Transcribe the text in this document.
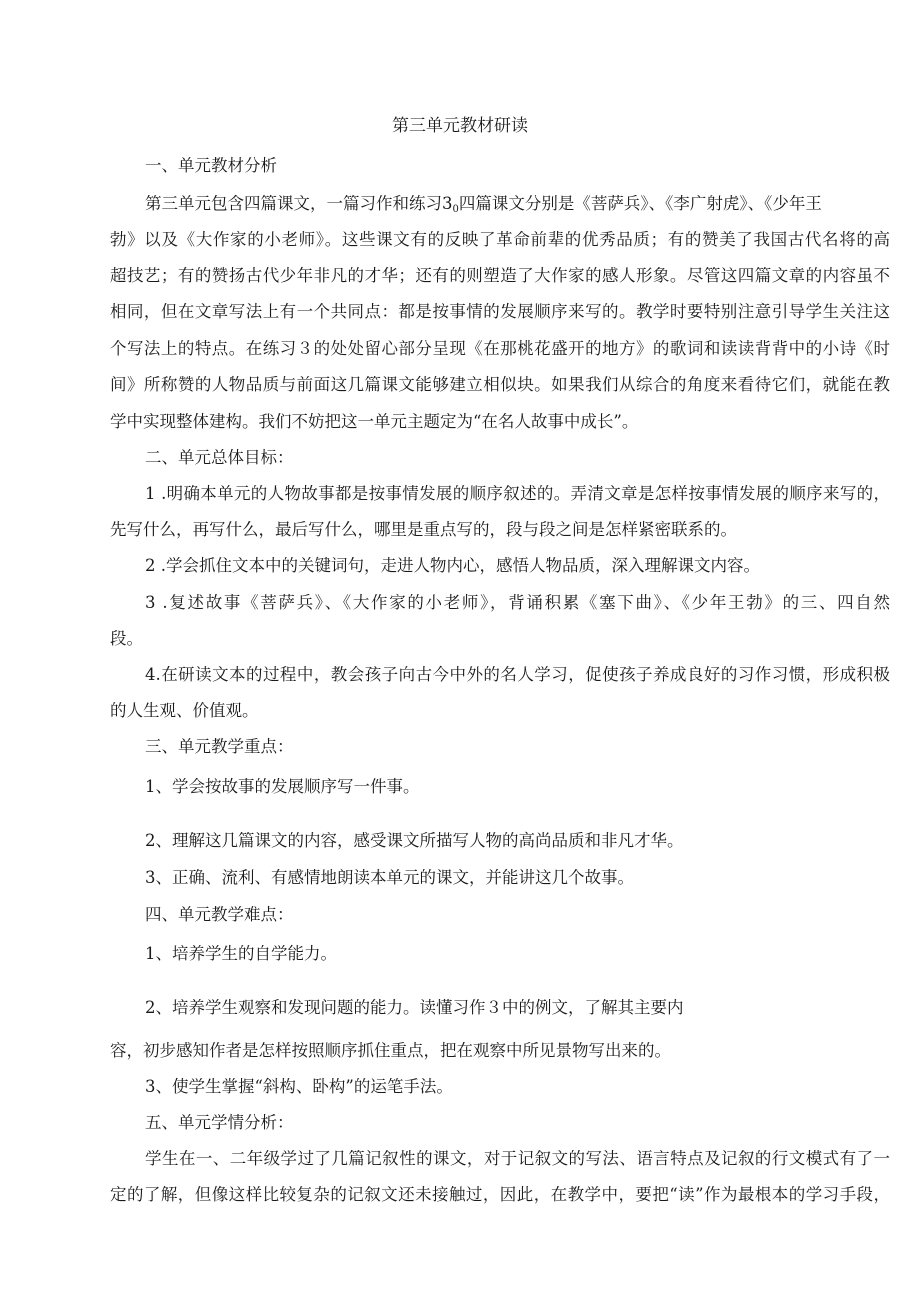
第三单元教材研读

一、单元教材分析

第三单元包含四篇课文，一篇习作和练习$3_0$四篇课文分别是《菩萨兵》、《李广射虎》、《少年王

勃》以及《大作家的小老师》。这些课文有的反映了革命前辈的优秀品质；有的赞美了我国古代名将的高

超技艺；有的赞扬古代少年非凡的才华；还有的则塑造了大作家的感人形象。尽管这四篇文章的内容虽不

相同，但在文章写法上有一个共同点：都是按事情的发展顺序来写的。教学时要特别注意引导学生关注这

个写法上的特点。在练习３的处处留心部分呈现《在那桃花盛开的地方》的歌词和读读背背中的小诗《时

间》所称赞的人物品质与前面这几篇课文能够建立相似块。如果我们从综合的角度来看待它们，就能在教

学中实现整体建构。我们不妨把这一单元主题定为“在名人故事中成长”。

二、单元总体目标：

1 .明确本单元的人物故事都是按事情发展的顺序叙述的。弄清文章是怎样按事情发展的顺序来写的，

先写什么，再写什么，最后写什么，哪里是重点写的，段与段之间是怎样紧密联系的。

2 .学会抓住文本中的关键词句，走进人物内心，感悟人物品质，深入理解课文内容。

3 .复述故事《菩萨兵》、《大作家的小老师》，背诵积累《塞下曲》、《少年王勃》的三、四自然

段。

4.在研读文本的过程中，教会孩子向古今中外的名人学习，促使孩子养成良好的习作习惯，形成积极

的人生观、价值观。

三、单元教学重点：

1、学会按故事的发展顺序写一件事。

2、理解这几篇课文的内容，感受课文所描写人物的高尚品质和非凡才华。

3、正确、流利、有感情地朗读本单元的课文，并能讲这几个故事。

四、单元教学难点：

1、培养学生的自学能力。

2、培养学生观察和发现问题的能力。读懂习作３中的例文，了解其主要内

容，初步感知作者是怎样按照顺序抓住重点，把在观察中所见景物写出来的。

3、使学生掌握“斜构、卧构”的运笔手法。

五、单元学情分析：

学生在一、二年级学过了几篇记叙性的课文，对于记叙文的写法、语言特点及记叙的行文模式有了一

定的了解，但像这样比较复杂的记叙文还未接触过，因此，在教学中，要把“读”作为最根本的学习手段，
